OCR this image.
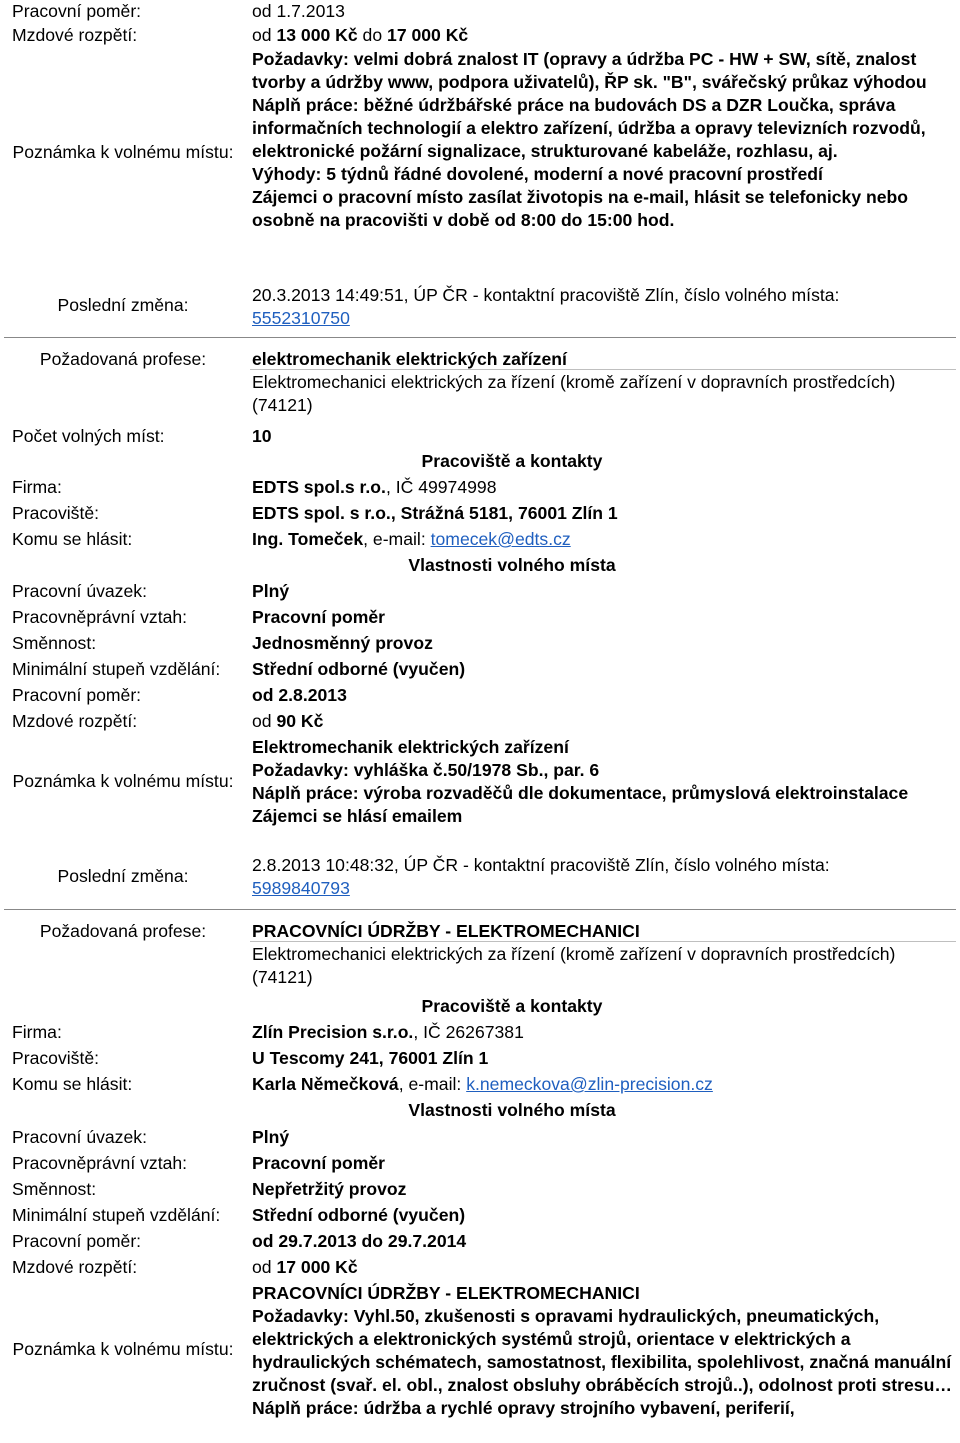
Pracovní poměr:	od 1.7.2013
Mzdové rozpětí:	od 13 000 Kč do 17 000 Kč
Poznámka k volnému místu:

Požadavky: velmi dobrá znalost IT (opravy a údržba PC - HW + SW, sítě, znalost tvorby a údržby www, podpora uživatelů), ŘP sk. "B", svářečský průkaz výhodou

Náplň práce: běžné údržbářské práce na budovách DS a DZR Loučka, správa informačních technologií a elektro zařízení, údržba a opravy televizních rozvodů, elektronické požární signalizace, strukturované kabeláže, rozhlasu, aj.

Výhody: 5 týdnů řádné dovolené, moderní a nové pracovní prostředí

Zájemci o pracovní místo zasílat životopis na e-mail, hlásit se telefonicky nebo osobně na pracovišti v době od 8:00 do 15:00 hod.

Poslední změna:	20.3.2013 14:49:51, ÚP ČR - kontaktní pracoviště Zlín, číslo volného místa:
5552310750
Požadovaná profese:	elektromechanik elektrických zařízení

Elektromechanici elektrických za řízení (kromě zařízení v dopravních prostředcích) (74121)

Počet volných míst:	10
Pracoviště a kontakty
Firma:	EDTS spol.s r.o., IČ 49974998
Pracoviště:	EDTS spol. s r.o., Strážná 5181, 76001 Zlín 1
Komu se hlásit:	Ing. Tomeček, e-mail: tomecek@edts.cz
Vlastnosti volného místa
Pracovní úvazek:	Plný
Pracovněprávní vztah:	Pracovní poměr
Směnnost:	Jednosměnný provoz
Minimální stupeň vzdělání: Střední odborné (vyučen)
Pracovní poměr:	od 2.8.2013
Mzdové rozpětí:	od 90 Kč
Poznámka k volnému místu:

Elektromechanik elektrických zařízení

Požadavky: vyhláška č.50/1978 Sb., par. 6

Náplň práce: výroba rozvaděčů dle dokumentace, průmyslová elektroinstalace

Zájemci se hlásí emailem

Poslední změna:
2.8.2013 10:48:32, ÚP ČR - kontaktní pracoviště Zlín, číslo volného místa:
5989840793
Požadovaná profese:	PRACOVNÍCI ÚDRŽBY - ELEKTROMECHANICI

Elektromechanici elektrických za řízení (kromě zařízení v dopravních prostředcích) (74121)

Pracoviště a kontakty
Firma:	Zlín Precision s.r.o., IČ 26267381
Pracoviště:	U Tescomy 241, 76001 Zlín 1
Komu se hlásit:	Karla Němečková, e-mail: k.nemeckova@zlin-precision.cz
Vlastnosti volného místa
Pracovní úvazek:	Plný
Pracovněprávní vztah:	Pracovní poměr
Směnnost:	Nepřetržitý provoz
Minimální stupeň vzdělání: Střední odborné (vyučen)
Pracovní poměr:	od 29.7.2013 do 29.7.2014
Mzdové rozpětí:	od 17 000 Kč
Poznámka k volnému místu:

PRACOVNÍCI ÚDRŽBY - ELEKTROMECHANICI

Požadavky: Vyhl.50, zkušenosti s opravami hydraulických, pneumatických, elektrických a elektronických systémů strojů, orientace v elektrických a hydraulických schématech, samostatnost, flexibilita, spolehlivost, značná manuální zručnost (svař. el. obl., znalost obsluhy obráběcích strojů..), odolnost proti stresu…

Náplň práce: údržba a rychlé opravy strojního vybavení, periferií,
